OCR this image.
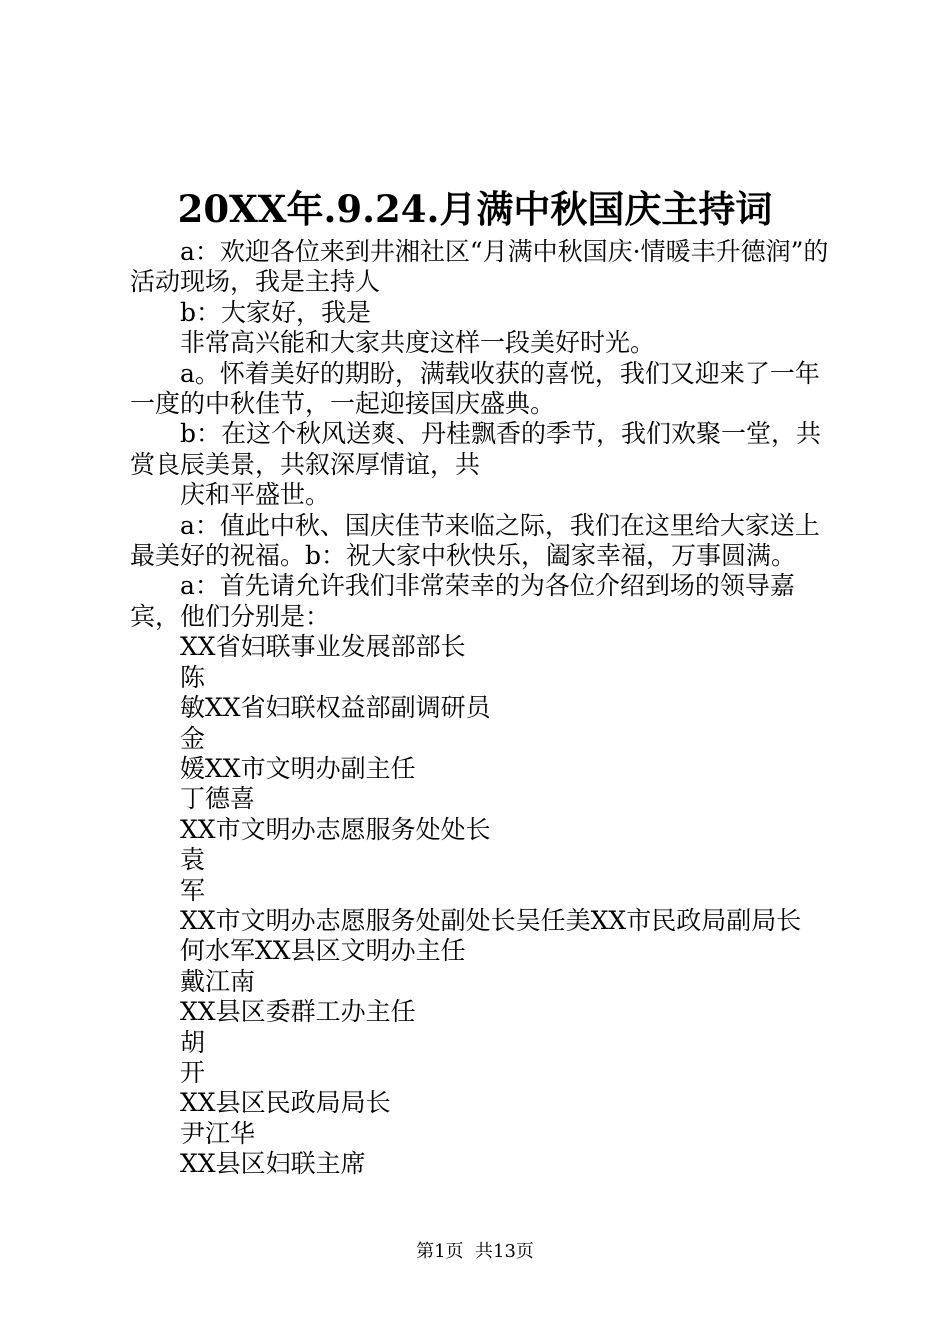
20XX年.9.24.月满中秋国庆主持词

a：欢迎各位来到井湘社区“月满中秋国庆·情暖丰升德润”的活动现场，我是主持人

b：大家好，我是

非常高兴能和大家共度这样一段美好时光。

a。怀着美好的期盼，满载收获的喜悦，我们又迎来了一年一度的中秋佳节，一起迎接国庆盛典。

b：在这个秋风送爽、丹桂飘香的季节，我们欢聚一堂，共赏良辰美景，共叙深厚情谊，共

庆和平盛世。

a：值此中秋、国庆佳节来临之际，我们在这里给大家送上最美好的祝福。b：祝大家中秋快乐，阖家幸福，万事圆满。

a：首先请允许我们非常荣幸的为各位介绍到场的领导嘉宾，他们分别是：

XX省妇联事业发展部部长

陈

敏XX省妇联权益部副调研员

金

媛XX市文明办副主任

丁德喜

XX市文明办志愿服务处处长

袁

军

XX市文明办志愿服务处副处长吴任美XX市民政局副局长

何水军XX县区文明办主任

戴江南

XX县区委群工办主任

胡

开

XX县区民政局局长

尹江华

XX县区妇联主席

第1页 共13页
